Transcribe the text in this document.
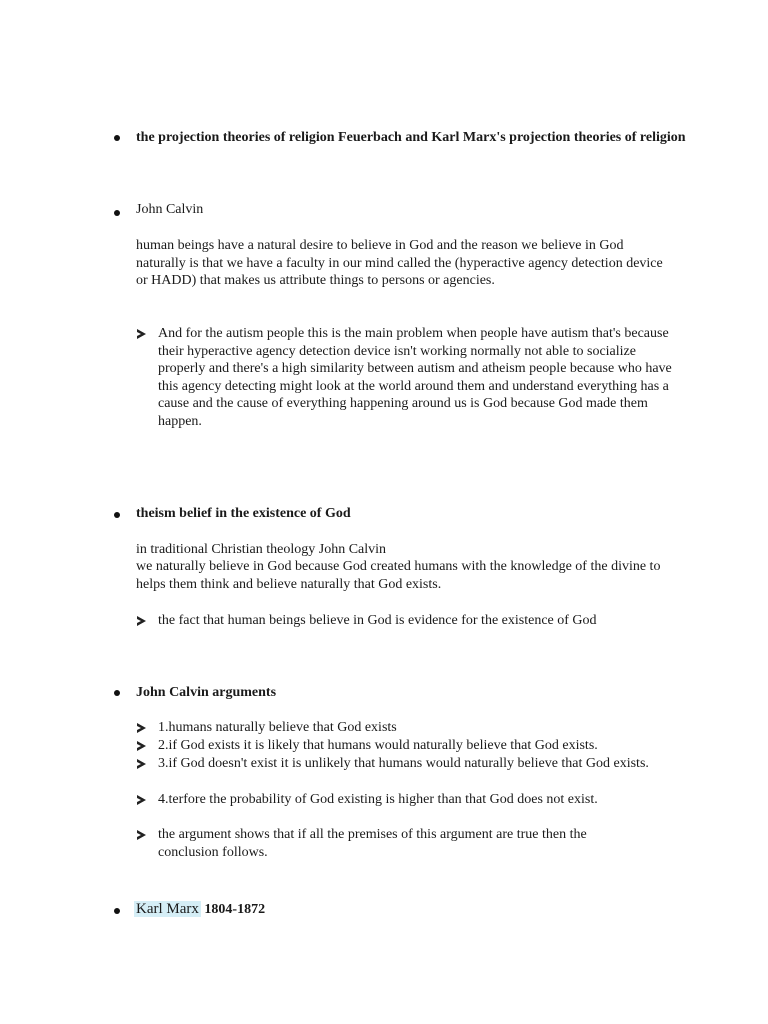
the projection theories of religion Feuerbach and Karl Marx's projection theories of religion
John Calvin
human beings have a natural desire to believe in God and the reason we believe in God naturally is that we have a faculty in our mind called the (hyperactive agency detection device or HADD) that makes us attribute things to persons or agencies.
And for the autism people this is the main problem when people have autism that's because their hyperactive agency detection device isn't working normally not able to socialize properly and there's a high similarity between autism and atheism people because who have this agency detecting might look at the world around them and understand everything has a cause and the cause of everything happening around us is God because God made them happen.
theism belief in the existence of God
in traditional Christian theology John Calvin
we naturally believe in God because God created humans with the knowledge of the divine to helps them think and believe naturally that God exists.
the fact that human beings believe in God is evidence for the existence of God
John Calvin arguments
1.humans naturally believe that God exists
2.if God exists it is likely that humans would naturally believe that God exists.
3.if God doesn't exist it is unlikely that humans would naturally believe that God exists.
4.terfore the probability of God existing is higher than that God does not exist.
the argument shows that if all the premises of this argument are true then the conclusion follows.
Karl Marx 1804-1872
